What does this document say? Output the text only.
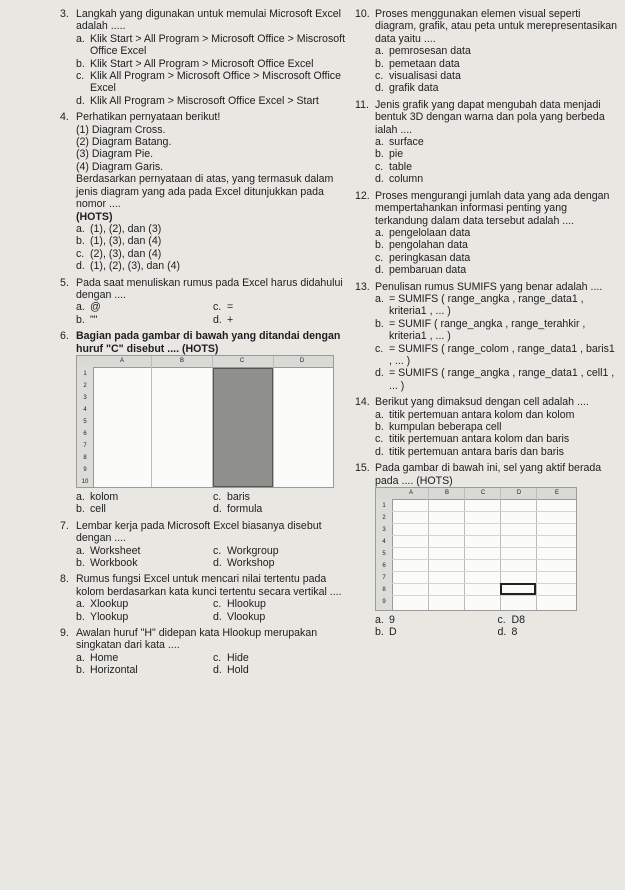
3. Langkah yang digunakan untuk memulai Microsoft Excel adalah .....
a. Klik Start > All Program > Microsoft Office > Miscrosoft Office Excel
b. Klik Start > All Program > Microsoft Office Excel
c. Klik All Program > Microsoft Office > Miscrosoft Office Excel
d. Klik All Program > Miscrosoft Office Excel > Start
4. Perhatikan pernyataan berikut!
(1) Diagram Cross.
(2) Diagram Batang.
(3) Diagram Pie.
(4) Diagram Garis.
Berdasarkan pernyataan di atas, yang termasuk dalam jenis diagram yang ada pada Excel ditunjukkan pada nomor ....
(HOTS)
a. (1), (2), dan (3)
b. (1), (3), dan (4)
c. (2), (3), dan (4)
d. (1), (2), (3), dan (4)
5. Pada saat menuliskan rumus pada Excel harus didahului dengan ....
a. @	c. =
b. ""	d. +
6. Bagian pada gambar di bawah yang ditandai dengan huruf "C" disebut .... (HOTS)
A	B	C	D
1
2
3
4
5
6
7
8
9
10
a. kolom	c. baris
b. cell	d. formula
7. Lembar kerja pada Microsoft Excel biasanya disebut dengan ....
a. Worksheet	c. Workgroup
b. Workbook	d. Workshop
8. Rumus fungsi Excel untuk mencari nilai tertentu pada kolom berdasarkan kata kunci tertentu secara vertikal ....
a. Xlookup	c. Hlookup
b. Ylookup	d. Vlookup
9. Awalan huruf "H" didepan kata Hlookup merupakan singkatan dari kata ....
a. Home	c. Hide
b. Horizontal	d. Hold
10. Proses menggunakan elemen visual seperti diagram, grafik, atau peta untuk merepresentasikan data yaitu ....
a. pemrosesan data
b. pemetaan data
c. visualisasi data
d. grafik data
11. Jenis grafik yang dapat mengubah data menjadi bentuk 3D dengan warna dan pola yang berbeda ialah ....
a. surface
b. pie
c. table
d. column
12. Proses mengurangi jumlah data yang ada dengan mempertahankan informasi penting yang terkandung dalam data tersebut adalah ....
a. pengelolaan data
b. pengolahan data
c. peringkasan data
d. pembaruan data
13. Penulisan rumus SUMIFS yang benar adalah ....
a. = SUMIFS ( range_angka , range_data1 , kriteria1 , ... )
b. = SUMIF ( range_angka , range_terahkir , kriteria1 , ... )
c. = SUMIFS ( range_colom , range_data1 , baris1 , ... )
d. = SUMIFS ( range_angka , range_data1 , cell1 , ... )
14. Berikut yang dimaksud dengan cell adalah ....
a. titik pertemuan antara kolom dan kolom
b. kumpulan beberapa cell
c. titik pertemuan antara kolom dan baris
d. titik pertemuan antara baris dan baris
15. Pada gambar di bawah ini, sel yang aktif berada pada .... (HOTS)
A	B	C	D	E
1
2
3
4
5
6
7
8
9
a. 9	c. D8
b. D	d. 8
